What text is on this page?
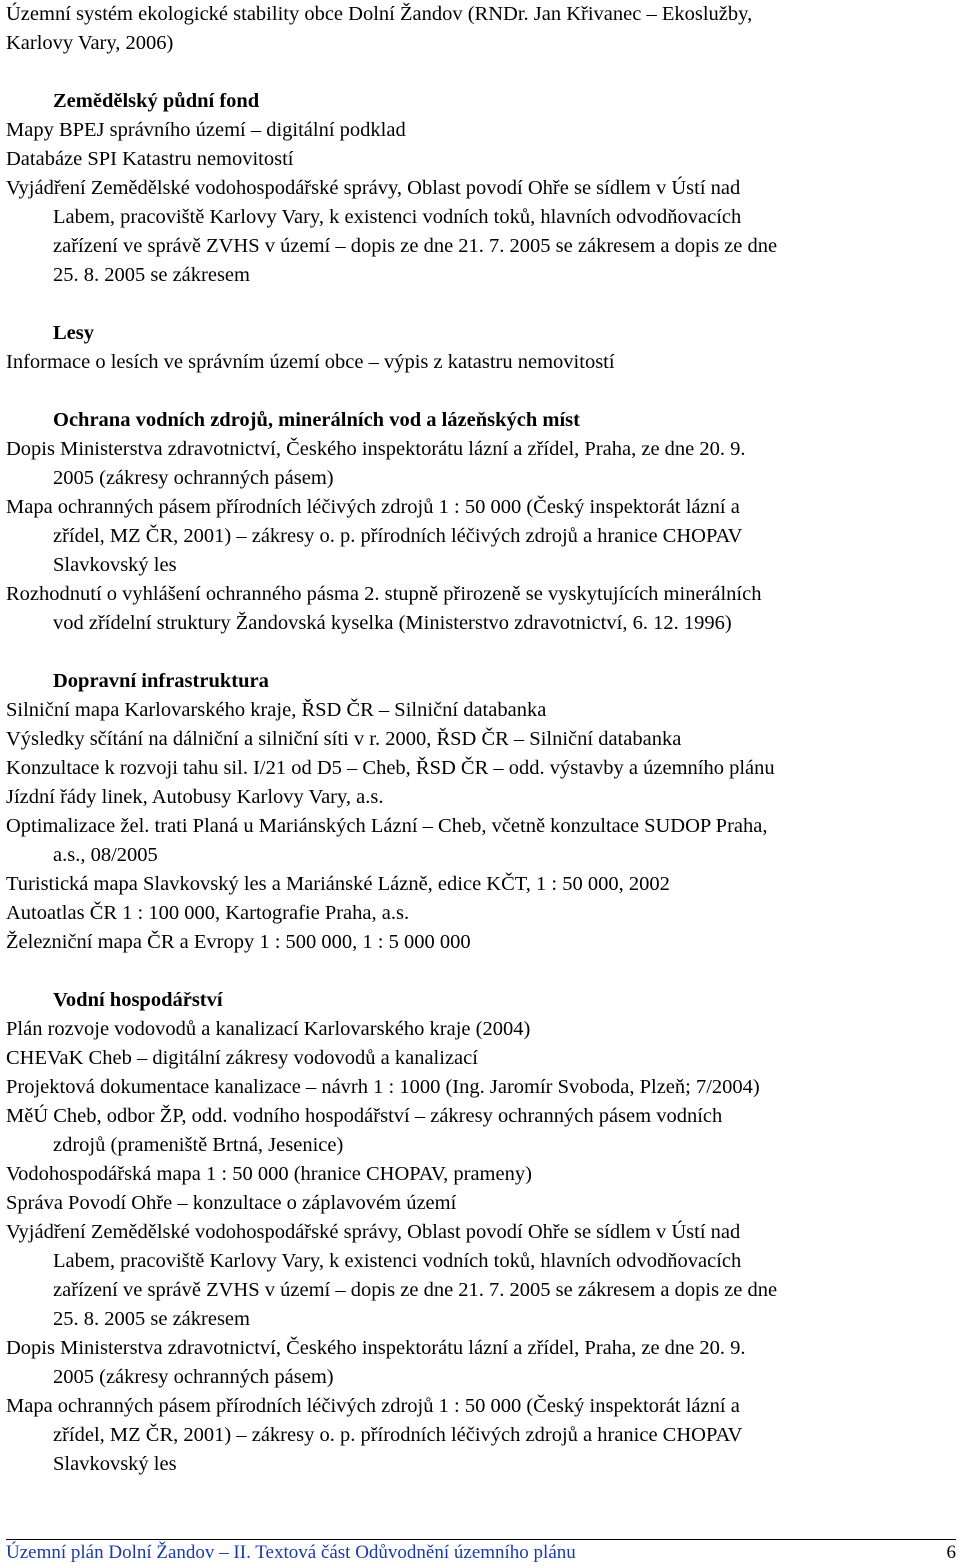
Územní systém ekologické stability obce Dolní Žandov (RNDr. Jan Křivanec – Ekoslužby,

Karlovy Vary, 2006)

Zemědělský půdní fond

Mapy BPEJ správního území – digitální podklad

Databáze SPI Katastru nemovitostí

Vyjádření Zemědělské vodohospodářské správy, Oblast povodí Ohře se sídlem v Ústí nad

Labem, pracoviště Karlovy Vary, k existenci vodních toků, hlavních odvodňovacích

zařízení ve správě ZVHS v území – dopis ze dne 21. 7. 2005 se zákresem a dopis ze dne

25. 8. 2005 se zákresem

Lesy

Informace o lesích ve správním území obce – výpis z katastru nemovitostí

Ochrana vodních zdrojů, minerálních vod a lázeňských míst

Dopis Ministerstva zdravotnictví, Českého inspektorátu lázní a zřídel, Praha, ze dne 20. 9.

2005 (zákresy ochranných pásem)

Mapa ochranných pásem přírodních léčivých zdrojů 1 : 50 000 (Český inspektorát lázní a

zřídel, MZ ČR, 2001) – zákresy o. p. přírodních léčivých zdrojů a hranice CHOPAV

Slavkovský les

Rozhodnutí o vyhlášení ochranného pásma 2. stupně přirozeně se vyskytujících minerálních

vod zřídelní struktury Žandovská kyselka (Ministerstvo zdravotnictví, 6. 12. 1996)

Dopravní infrastruktura

Silniční mapa Karlovarského kraje, ŘSD ČR – Silniční databanka

Výsledky sčítání na dálniční a silniční síti v r. 2000, ŘSD ČR – Silniční databanka

Konzultace k rozvoji tahu sil. I/21 od D5 – Cheb, ŘSD ČR – odd. výstavby a územního plánu

Jízdní řády linek, Autobusy Karlovy Vary, a.s.

Optimalizace žel. trati Planá u Mariánských Lázní – Cheb, včetně konzultace SUDOP Praha,

a.s., 08/2005

Turistická mapa Slavkovský les a Mariánské Lázně, edice KČT, 1 : 50 000, 2002

Autoatlas ČR 1 : 100 000, Kartografie Praha, a.s.

Železniční mapa ČR a Evropy 1 : 500 000, 1 : 5 000 000

Vodní hospodářství

Plán rozvoje vodovodů a kanalizací Karlovarského kraje (2004)

CHEVaK Cheb – digitální zákresy vodovodů a kanalizací

Projektová dokumentace kanalizace – návrh 1 : 1000 (Ing. Jaromír Svoboda, Plzeň; 7/2004)

MěÚ Cheb, odbor ŽP, odd. vodního hospodářství – zákresy ochranných pásem vodních

zdrojů (prameniště Brtná, Jesenice)

Vodohospodářská mapa 1 : 50 000 (hranice CHOPAV, prameny)

Správa Povodí Ohře – konzultace o záplavovém území

Vyjádření Zemědělské vodohospodářské správy, Oblast povodí Ohře se sídlem v Ústí nad

Labem, pracoviště Karlovy Vary, k existenci vodních toků, hlavních odvodňovacích

zařízení ve správě ZVHS v území – dopis ze dne 21. 7. 2005 se zákresem a dopis ze dne

25. 8. 2005 se zákresem

Dopis Ministerstva zdravotnictví, Českého inspektorátu lázní a zřídel, Praha, ze dne 20. 9.

2005 (zákresy ochranných pásem)

Mapa ochranných pásem přírodních léčivých zdrojů 1 : 50 000 (Český inspektorát lázní a

zřídel, MZ ČR, 2001) – zákresy o. p. přírodních léčivých zdrojů a hranice CHOPAV

Slavkovský les

Územní plán Dolní Žandov – II. Textová část Odůvodnění územního plánu	6
